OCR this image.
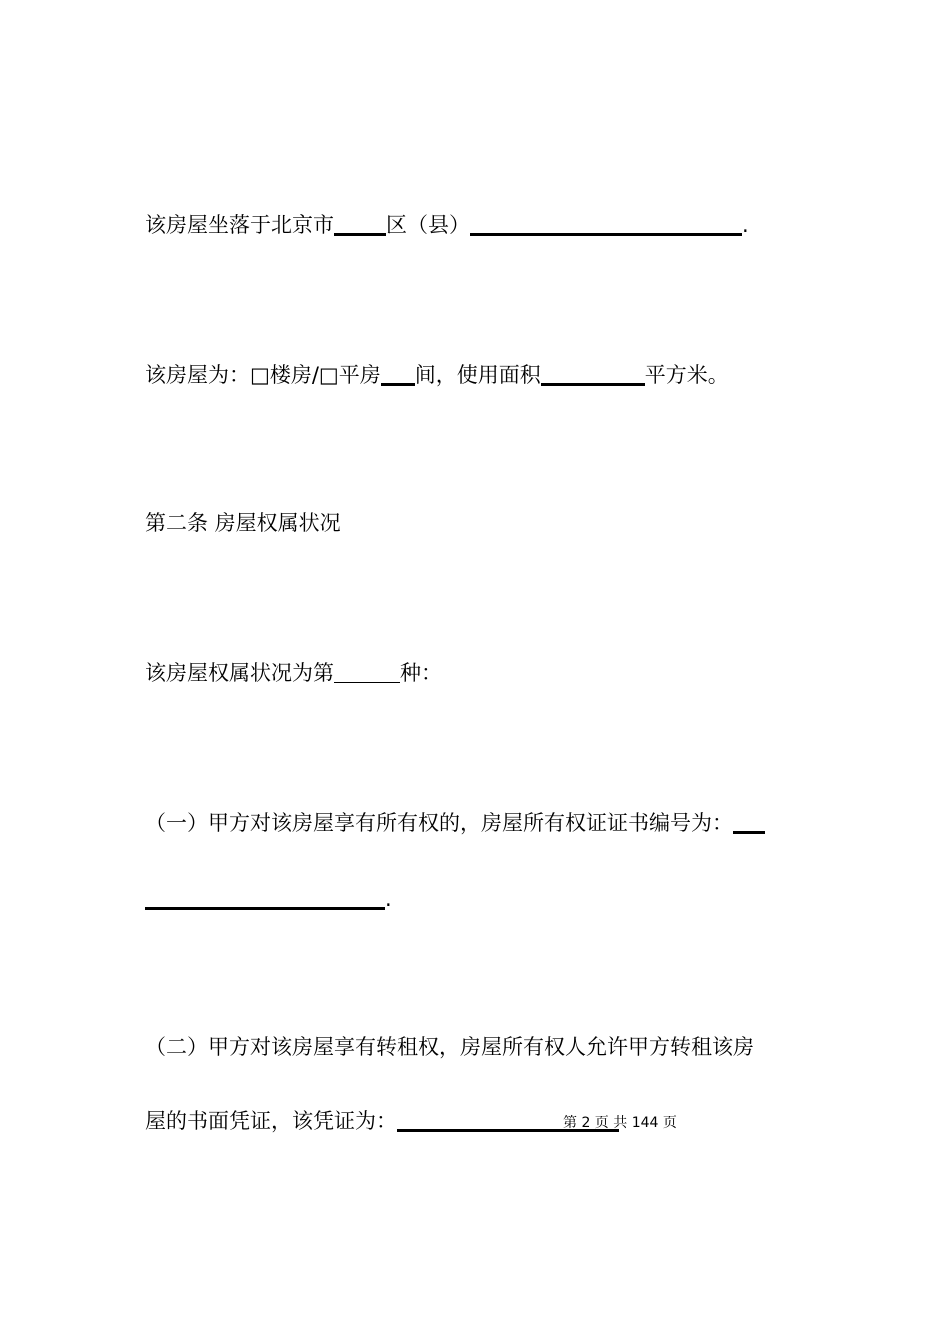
该房屋坐落于北京市 区（县）	.
该房屋为：□楼房/□平房 间，使用面积	平方米。
第二条 房屋权属状况
该房屋权属状况为第	种：
（一）甲方对该房屋享有所有权的，房屋所有权证证书编号为：
.
（二）甲方对该房屋享有转租权，房屋所有权人允许甲方转租该房
屋的书面凭证，该凭证为：	第 2 页 共 144 页
